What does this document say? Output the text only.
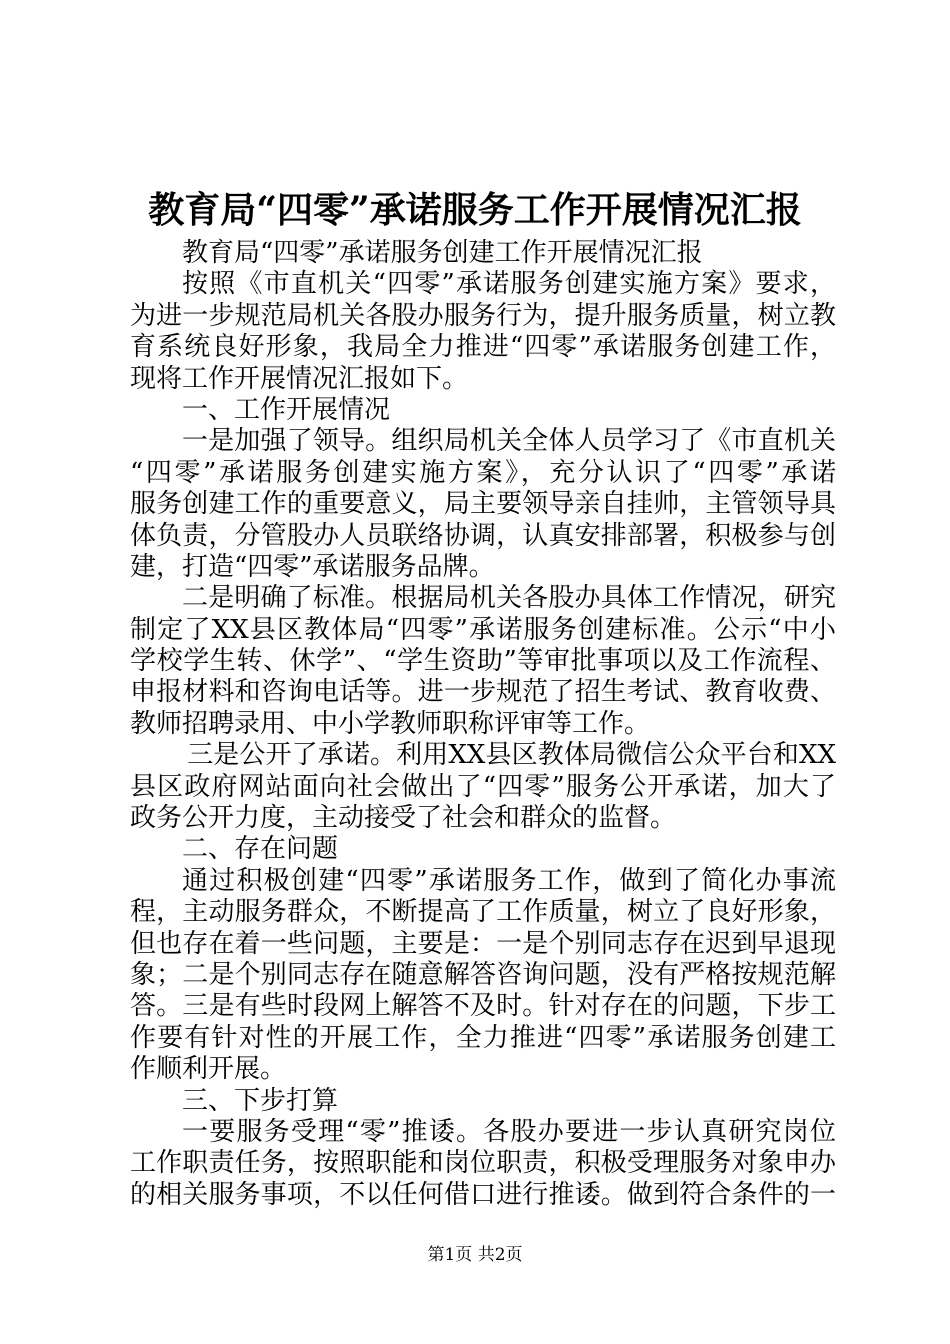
教育局“四零”承诺服务工作开展情况汇报
教育局“四零”承诺服务创建工作开展情况汇报
按照《市直机关“四零”承诺服务创建实施方案》要求，
为进一步规范局机关各股办服务行为，提升服务质量，树立教
育系统良好形象，我局全力推进“四零”承诺服务创建工作，
现将工作开展情况汇报如下。
一、工作开展情况
一是加强了领导。组织局机关全体人员学习了《市直机关
“四零”承诺服务创建实施方案》，充分认识了“四零”承诺
服务创建工作的重要意义，局主要领导亲自挂帅，主管领导具
体负责，分管股办人员联络协调，认真安排部署，积极参与创
建，打造“四零”承诺服务品牌。
二是明确了标准。根据局机关各股办具体工作情况，研究
制定了XX县区教体局“四零”承诺服务创建标准。公示“中小
学校学生转、休学”、“学生资助”等审批事项以及工作流程、
申报材料和咨询电话等。进一步规范了招生考试、教育收费、
教师招聘录用、中小学教师职称评审等工作。
三是公开了承诺。利用XX县区教体局微信公众平台和XX
县区政府网站面向社会做出了“四零”服务公开承诺，加大了
政务公开力度，主动接受了社会和群众的监督。
二、存在问题
通过积极创建“四零”承诺服务工作，做到了简化办事流
程，主动服务群众，不断提高了工作质量，树立了良好形象，
但也存在着一些问题，主要是：一是个别同志存在迟到早退现
象；二是个别同志存在随意解答咨询问题，没有严格按规范解
答。三是有些时段网上解答不及时。针对存在的问题，下步工
作要有针对性的开展工作，全力推进“四零”承诺服务创建工
作顺利开展。
三、下步打算
一要服务受理“零”推诿。各股办要进一步认真研究岗位
工作职责任务，按照职能和岗位职责，积极受理服务对象申办
的相关服务事项，不以任何借口进行推诿。做到符合条件的一
第1页 共2页
